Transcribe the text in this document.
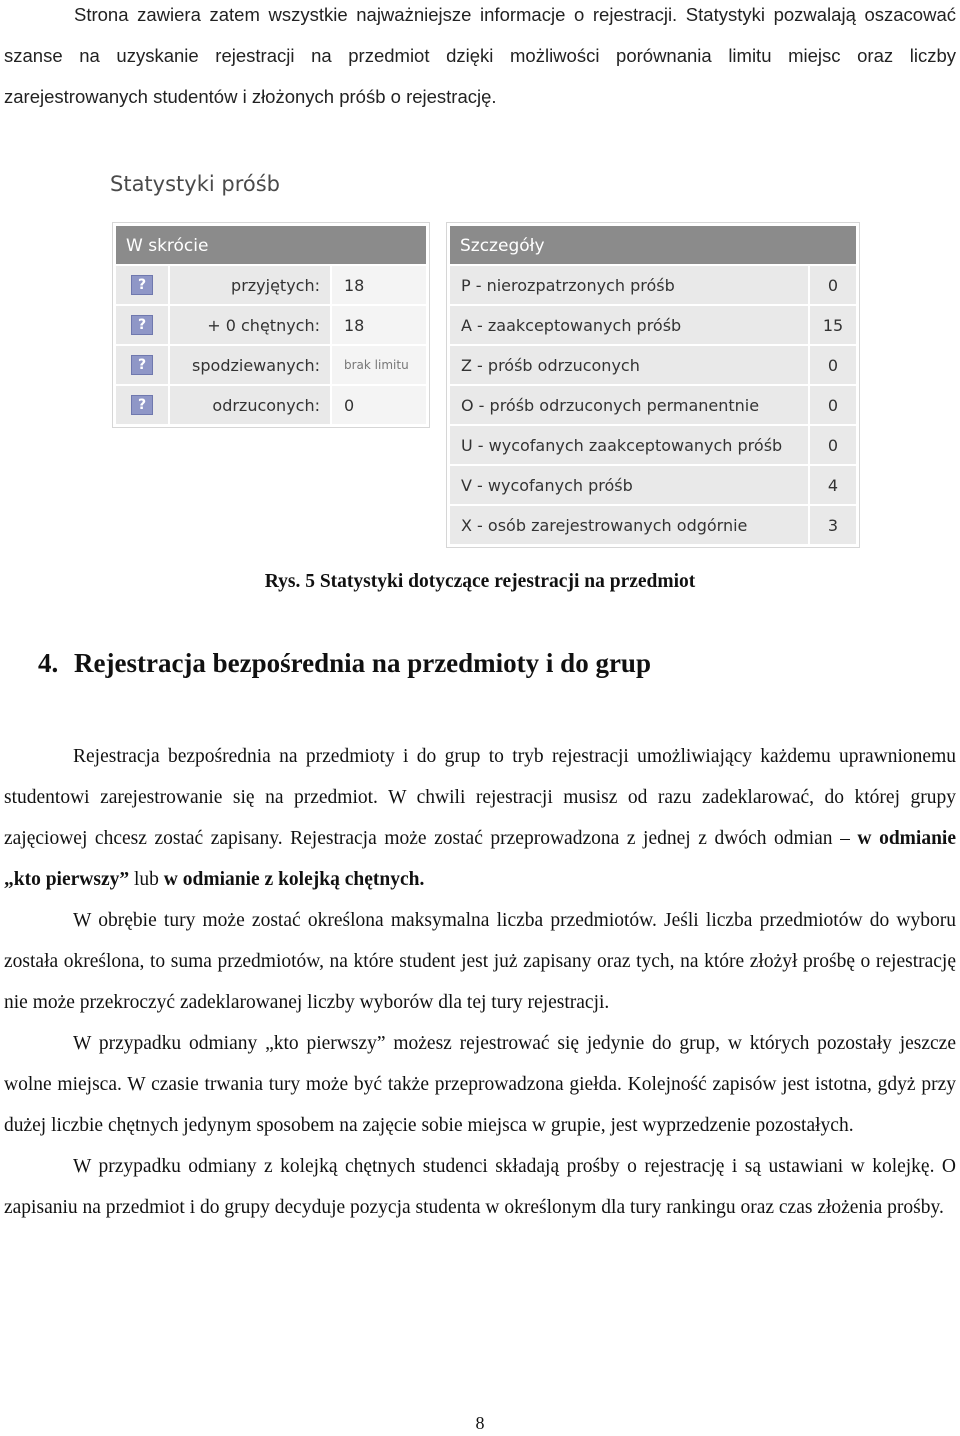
Strona zawiera zatem wszystkie najważniejsze informacje o rejestracji. Statystyki pozwalają oszacować szanse na uzyskanie rejestracji na przedmiot dzięki możliwości porównania limitu miejsc oraz liczby zarejestrowanych studentów i złożonych próśb o rejestrację.

Statystyki próśb
W skrócie
?	przyjętych:	18
?	+ 0 chętnych:	18
?	spodziewanych:	brak limitu
?	odrzuconych:	0
Szczegóły
P - nierozpatrzonych próśb	0
A - zaakceptowanych próśb	15
Z - próśb odrzuconych	0
O - próśb odrzuconych permanentnie	0
U - wycofanych zaakceptowanych próśb	0
V - wycofanych próśb	4
X - osób zarejestrowanych odgórnie	3
Rys. 5 Statystyki dotyczące rejestracji na przedmiot
4. Rejestracja bezpośrednia na przedmioty i do grup

Rejestracja bezpośrednia na przedmioty i do grup to tryb rejestracji umożliwiający każdemu uprawnionemu studentowi zarejestrowanie się na przedmiot. W chwili rejestracji musisz od razu zadeklarować, do której grupy zajęciowej chcesz zostać zapisany. Rejestracja może zostać przeprowadzona z jednej z dwóch odmian – w odmianie „kto pierwszy” lub w odmianie z kolejką chętnych.

W obrębie tury może zostać określona maksymalna liczba przedmiotów. Jeśli liczba przedmiotów do wyboru została określona, to suma przedmiotów, na które student jest już zapisany oraz tych, na które złożył prośbę o rejestrację nie może przekroczyć zadeklarowanej liczby wyborów dla tej tury rejestracji.

W przypadku odmiany „kto pierwszy” możesz rejestrować się jedynie do grup, w których pozostały jeszcze wolne miejsca. W czasie trwania tury może być także przeprowadzona giełda. Kolejność zapisów jest istotna, gdyż przy dużej liczbie chętnych jedynym sposobem na zajęcie sobie miejsca w grupie, jest wyprzedzenie pozostałych.

W przypadku odmiany z kolejką chętnych studenci składają prośby o rejestrację i są ustawiani w kolejkę. O zapisaniu na przedmiot i do grupy decyduje pozycja studenta w określonym dla tury rankingu oraz czas złożenia prośby.

8
